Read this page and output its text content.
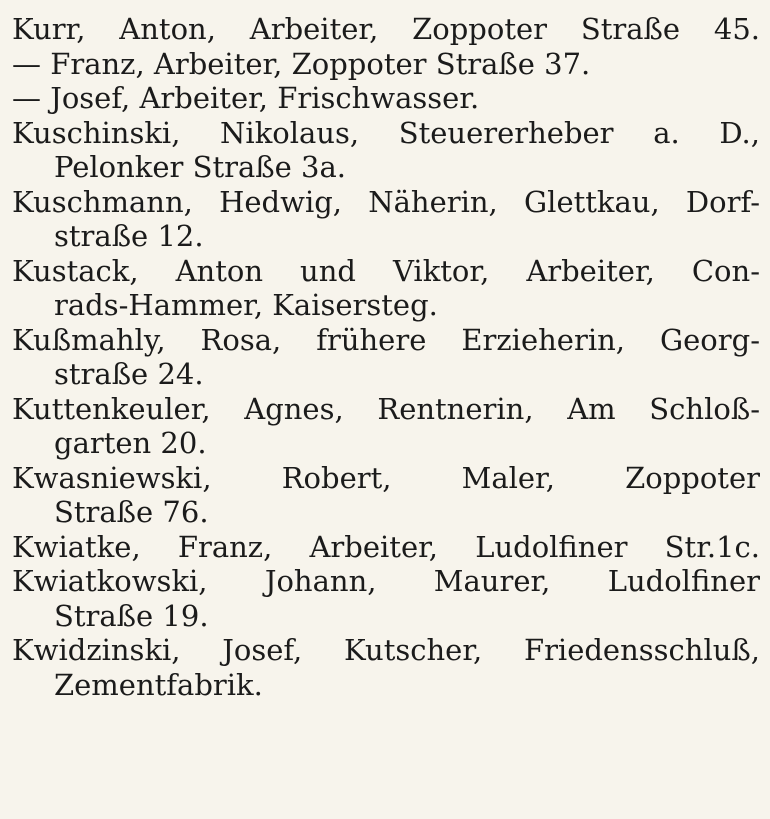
Kurr, Anton, Arbeiter, Zoppoter Straße 45.
— Franz, Arbeiter, Zoppoter Straße 37.
— Josef, Arbeiter, Frischwasser.
Kuschinski, Nikolaus, Steuererheber a. D.,
Pelonker Straße 3a.
Kuschmann, Hedwig, Näherin, Glettkau, Dorf-
straße 12.
Kustack, Anton und Viktor, Arbeiter, Con-
rads-Hammer, Kaisersteg.
Kußmahly, Rosa, frühere Erzieherin, Georg-
straße 24.
Kuttenkeuler, Agnes, Rentnerin, Am Schloß-
garten 20.
Kwasniewski, Robert, Maler, Zoppoter
Straße 76.
Kwiatke, Franz, Arbeiter, Ludolfiner Str.1c.
Kwiatkowski, Johann, Maurer, Ludolfiner
Straße 19.
Kwidzinski, Josef, Kutscher, Friedensschluß,
Zementfabrik.
